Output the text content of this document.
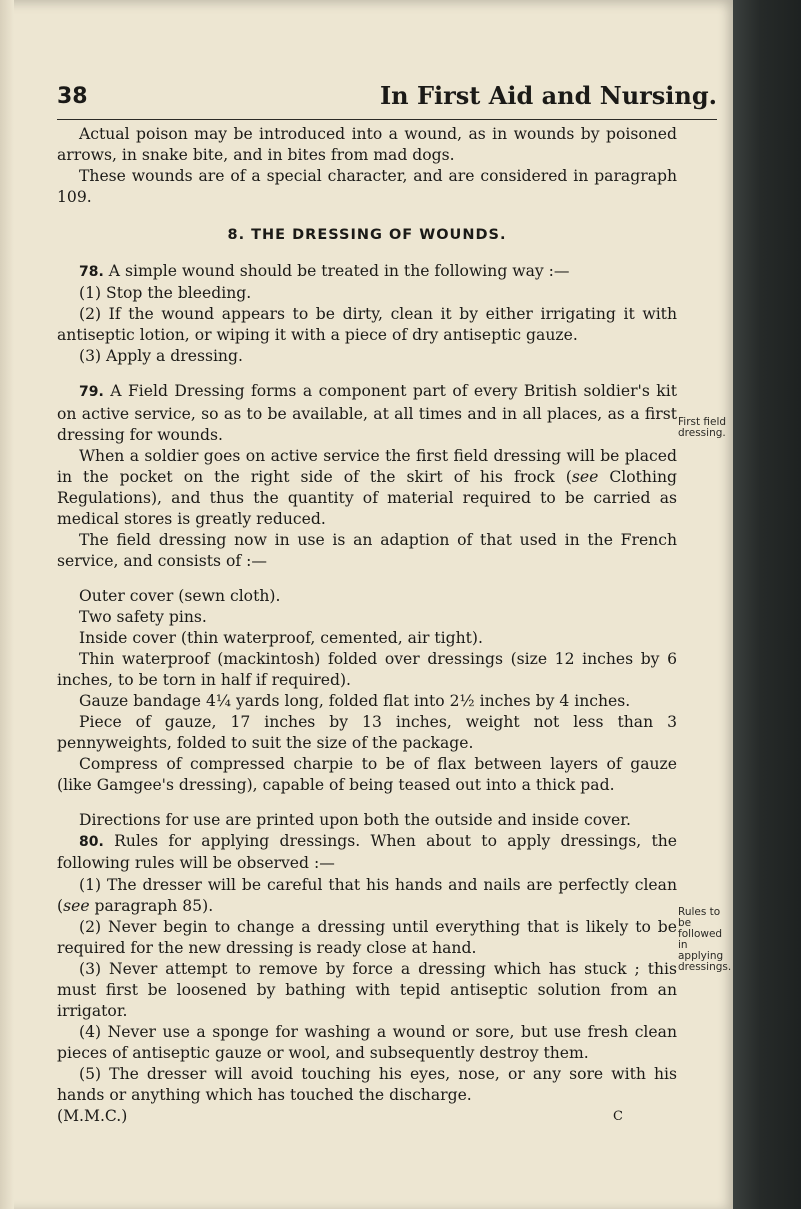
38	In First Aid and Nursing.

Actual poison may be introduced into a wound, as in wounds by poisoned arrows, in snake bite, and in bites from mad dogs.

These wounds are of a special character, and are considered in paragraph 109.

8. THE DRESSING OF WOUNDS.

78. A simple wound should be treated in the following way :—

(1) Stop the bleeding.

(2) If the wound appears to be dirty, clean it by either irrigating it with antiseptic lotion, or wiping it with a piece of dry antiseptic gauze.

(3) Apply a dressing.

79. A Field Dressing forms a component part of every British soldier's kit on active service, so as to be available, at all times and in all places, as a first dressing for wounds.

When a soldier goes on active service the first field dressing will be placed in the pocket on the right side of the skirt of his frock (see Clothing Regulations), and thus the quantity of material required to be carried as medical stores is greatly reduced.

The field dressing now in use is an adaption of that used in the French service, and consists of :—

Outer cover (sewn cloth).

Two safety pins.

Inside cover (thin waterproof, cemented, air tight).

Thin waterproof (mackintosh) folded over dressings (size 12 inches by 6 inches, to be torn in half if required).

Gauze bandage 4¼ yards long, folded flat into 2½ inches by 4 inches.

Piece of gauze, 17 inches by 13 inches, weight not less than 3 pennyweights, folded to suit the size of the package.

Compress of compressed charpie to be of flax between layers of gauze (like Gamgee's dressing), capable of being teased out into a thick pad.

Directions for use are printed upon both the outside and inside cover.

80. Rules for applying dressings. When about to apply dressings, the following rules will be observed :—

(1) The dresser will be careful that his hands and nails are perfectly clean (see paragraph 85).

(2) Never begin to change a dressing until everything that is likely to be required for the new dressing is ready close at hand.

(3) Never attempt to remove by force a dressing which has stuck ; this must first be loosened by bathing with tepid antiseptic solution from an irrigator.

(4) Never use a sponge for washing a wound or sore, but use fresh clean pieces of antiseptic gauze or wool, and subsequently destroy them.

(5) The dresser will avoid touching his eyes, nose, or any sore with his hands or anything which has touched the discharge.

(M.M.C.)	C

First field dressing.
Rules to be followed in applying dressings.
